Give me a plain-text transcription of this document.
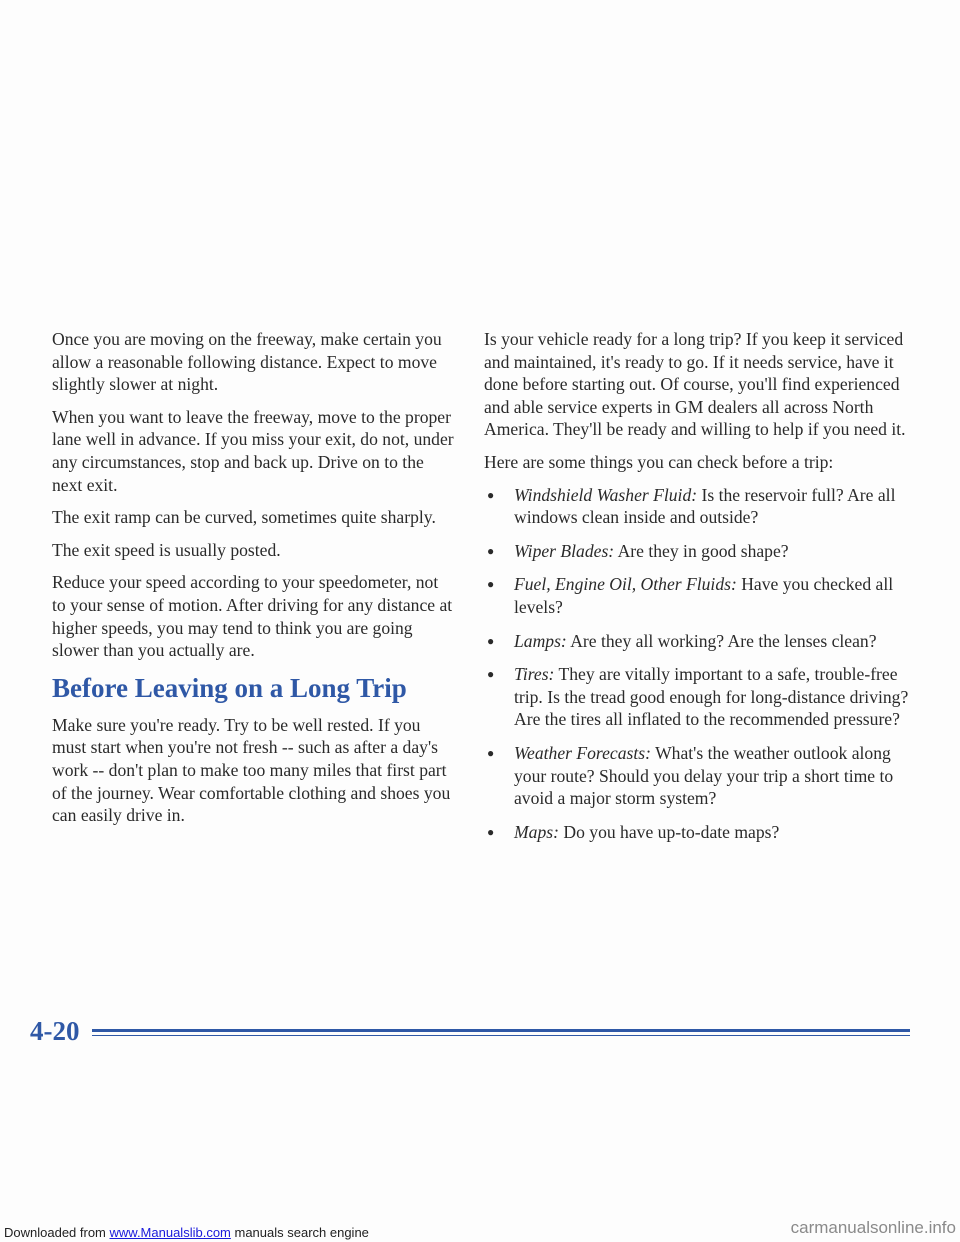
Once you are moving on the freeway, make certain you allow a reasonable following distance. Expect to move slightly slower at night.

When you want to leave the freeway, move to the proper lane well in advance. If you miss your exit, do not, under any circumstances, stop and back up. Drive on to the next exit.

The exit ramp can be curved, sometimes quite sharply.

The exit speed is usually posted.

Reduce your speed according to your speedometer, not to your sense of motion. After driving for any distance at higher speeds, you may tend to think you are going slower than you actually are.

Before Leaving on a Long Trip

Make sure you're ready. Try to be well rested. If you must start when you're not fresh -- such as after a day's work -- don't plan to make too many miles that first part of the journey. Wear comfortable clothing and shoes you can easily drive in.

Is your vehicle ready for a long trip? If you keep it serviced and maintained, it's ready to go. If it needs service, have it done before starting out. Of course, you'll find experienced and able service experts in GM dealers all across North America. They'll be ready and willing to help if you need it.

Here are some things you can check before a trip:

● Windshield Washer Fluid: Is the reservoir full? Are all windows clean inside and outside?
● Wiper Blades: Are they in good shape?
● Fuel, Engine Oil, Other Fluids: Have you checked all levels?
● Lamps: Are they all working? Are the lenses clean?
● Tires: They are vitally important to a safe, trouble-free trip. Is the tread good enough for long-distance driving? Are the tires all inflated to the recommended pressure?
● Weather Forecasts: What's the weather outlook along your route? Should you delay your trip a short time to avoid a major storm system?
● Maps: Do you have up-to-date maps?
4-20
Downloaded from www.Manualslib.com manuals search engine	carmanualsonline.info
